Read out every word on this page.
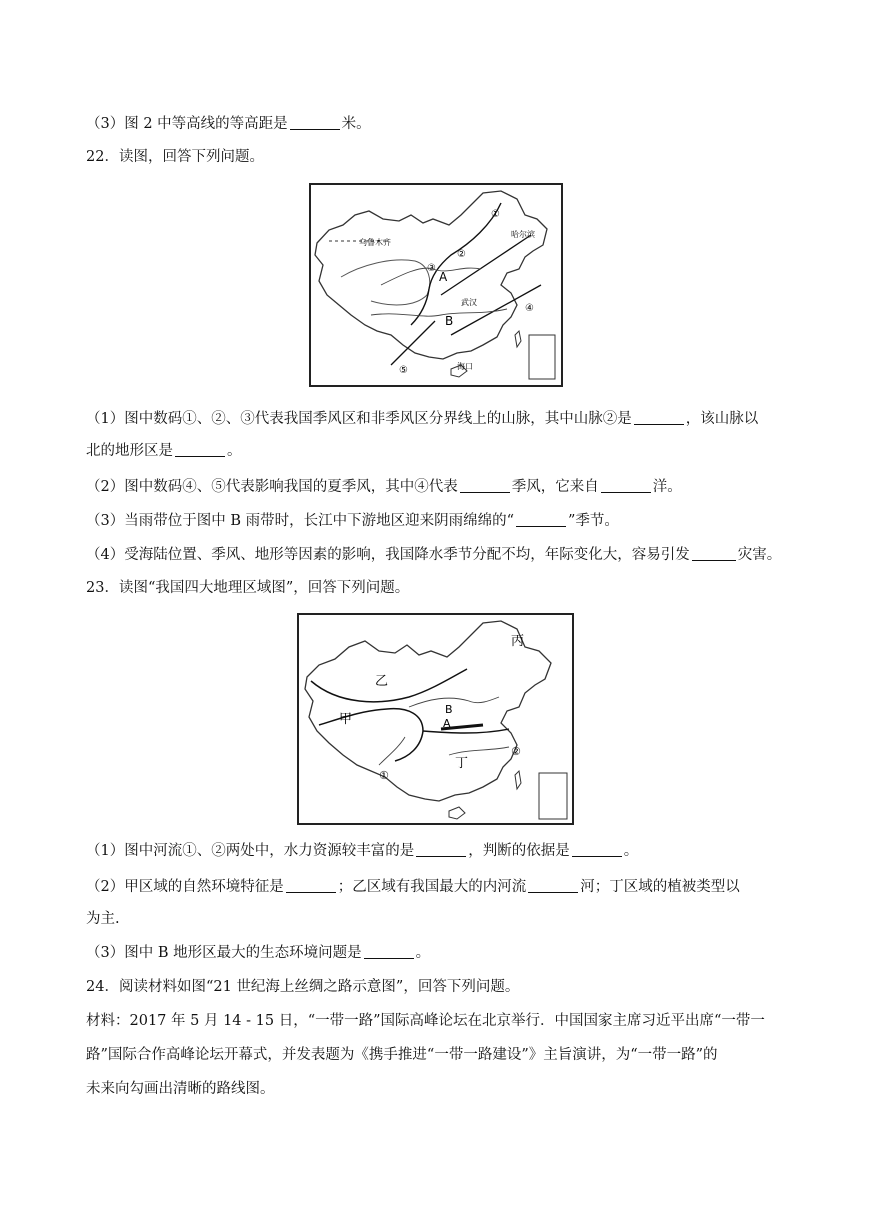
（3）图 2 中等高线的等高距是	米。
22．读图，回答下列问题。
乌鲁木齐
哈尔滨
武汉
海口
①
②
③
④
⑤
A
B
（1）图中数码①、②、③代表我国季风区和非季风区分界线上的山脉，其中山脉②是	，该山脉以
北的地形区是	。
（2）图中数码④、⑤代表影响我国的夏季风，其中④代表	季风，它来自	洋。
（3）当雨带位于图中 B 雨带时，长江中下游地区迎来阴雨绵绵的“	”季节。
（4）受海陆位置、季风、地形等因素的影响，我国降水季节分配不均，年际变化大，容易引发	灾害。
23．读图“我国四大地理区域图”，回答下列问题。
甲
乙
丙
丁
A
B
①
②
（1）图中河流①、②两处中，水力资源较丰富的是	，判断的依据是	。
（2）甲区域的自然环境特征是	；乙区域有我国最大的内河流	河；丁区域的植被类型以
为主.
（3）图中 B 地形区最大的生态环境问题是	。
24．阅读材料如图“21 世纪海上丝绸之路示意图”，回答下列问题。
材料：2017 年 5 月 14 - 15 日，“一带一路”国际高峰论坛在北京举行．中国国家主席习近平出席“一带一
路”国际合作高峰论坛开幕式，并发表题为《携手推进“一带一路建设”》主旨演讲，为“一带一路”的
未来向勾画出清晰的路线图。
